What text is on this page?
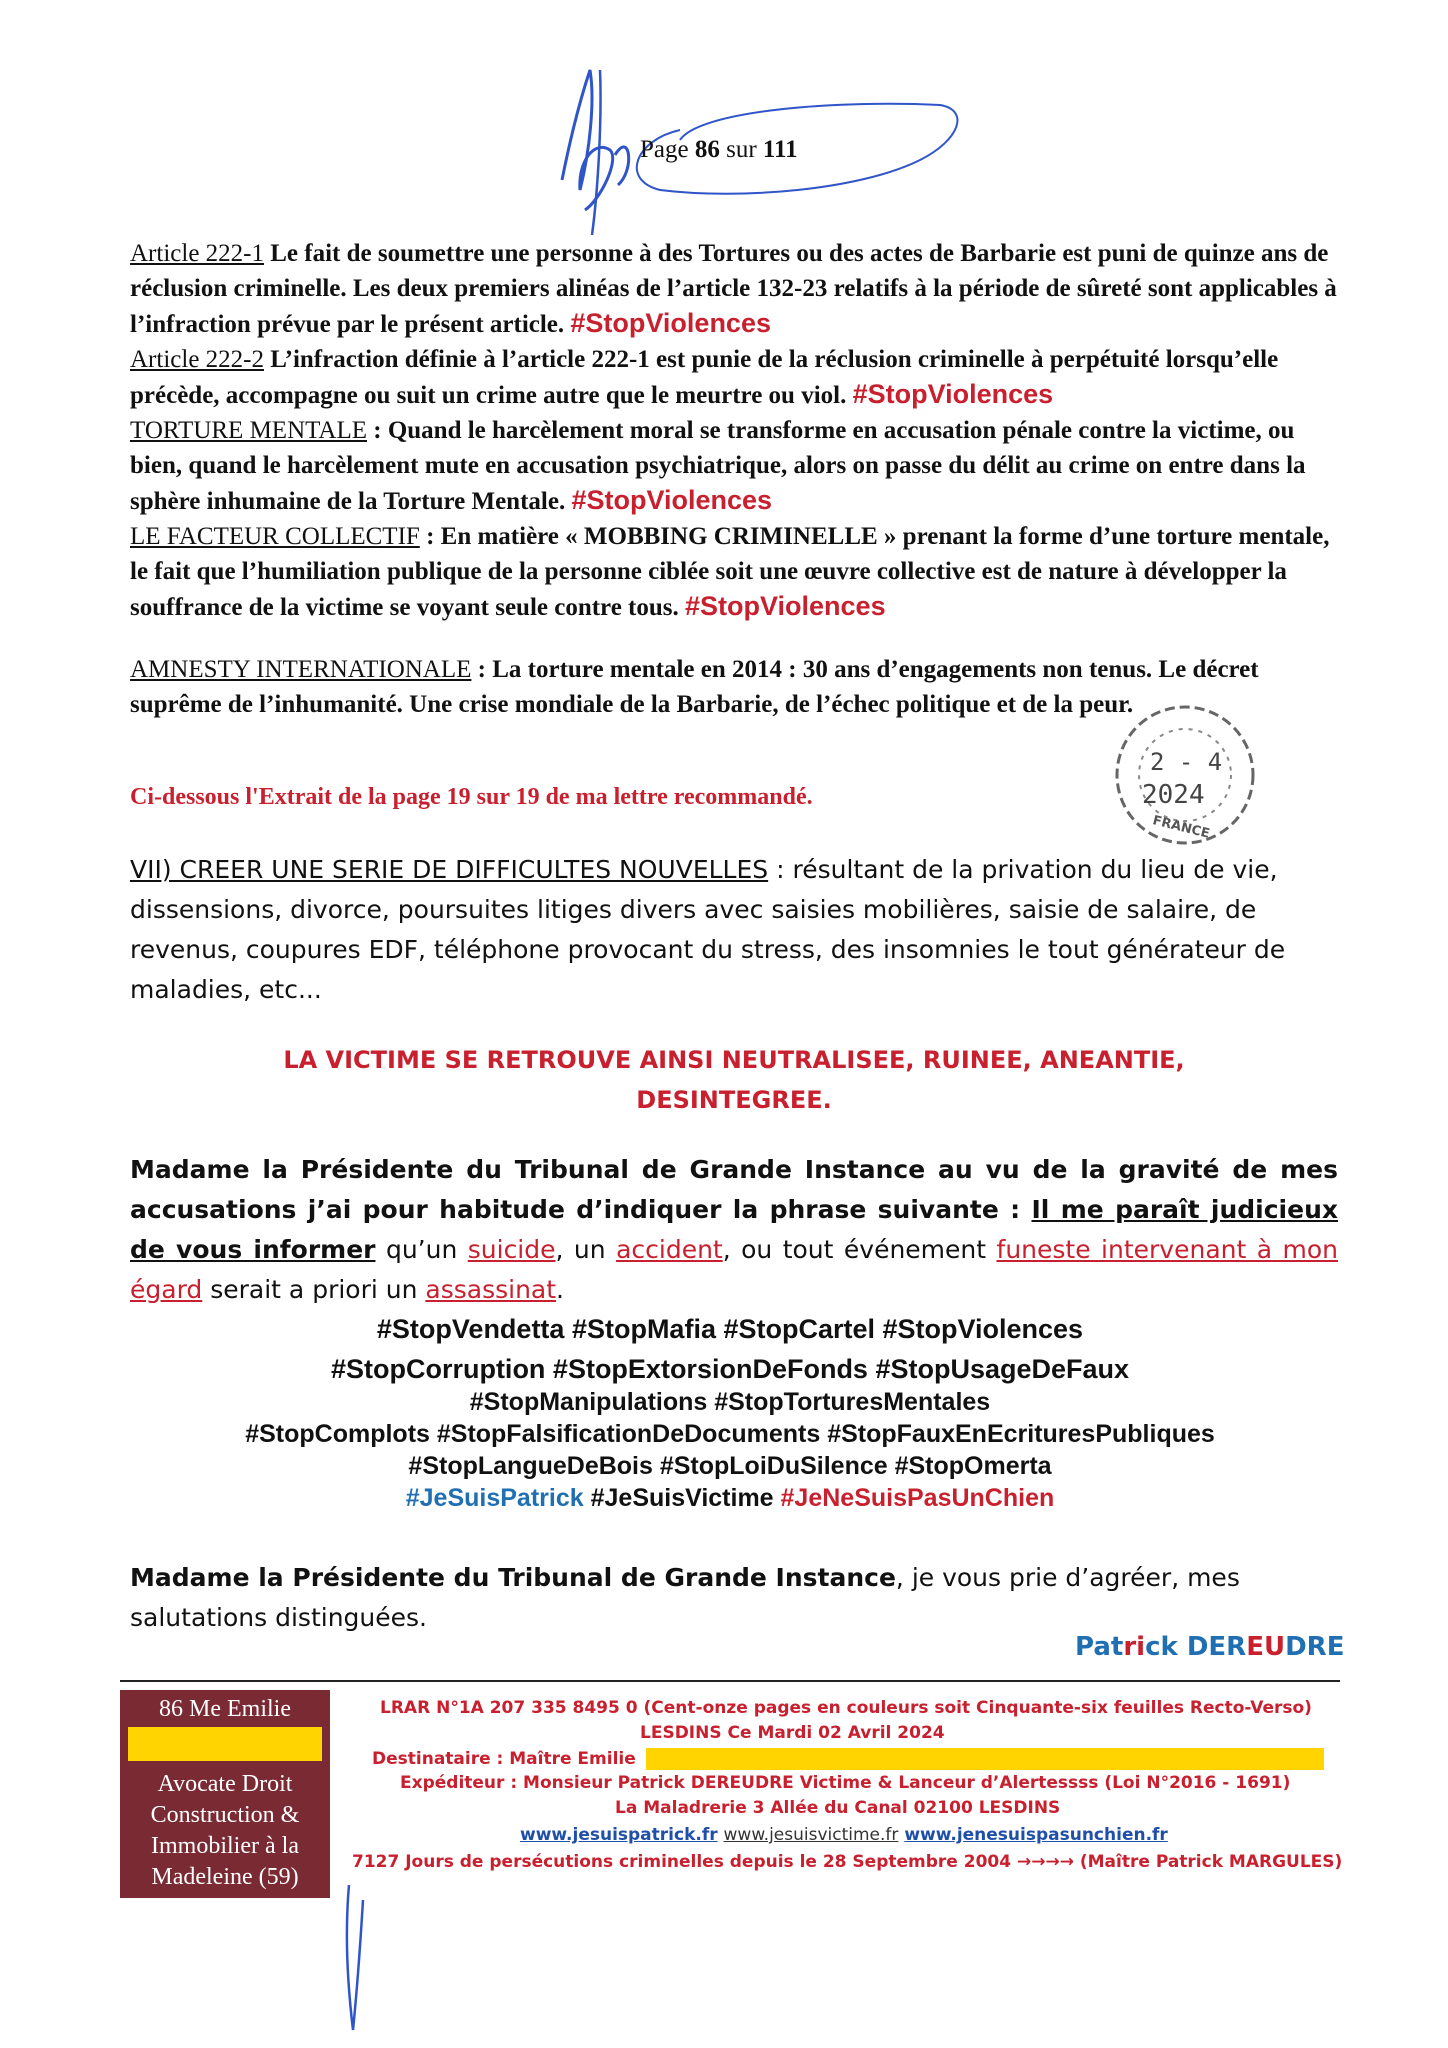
Page 86 sur 111
Article 222-1 Le fait de soumettre une personne à des Tortures ou des actes de Barbarie est puni de quinze ans de réclusion criminelle. Les deux premiers alinéas de l’article 132-23 relatifs à la période de sûreté sont applicables à l’infraction prévue par le présent article. #StopViolences
Article 222-2 L’infraction définie à l’article 222-1 est punie de la réclusion criminelle à perpétuité lorsqu’elle précède, accompagne ou suit un crime autre que le meurtre ou viol. #StopViolences
TORTURE MENTALE : Quand le harcèlement moral se transforme en accusation pénale contre la victime, ou bien, quand le harcèlement mute en accusation psychiatrique, alors on passe du délit au crime on entre dans la sphère inhumaine de la Torture Mentale. #StopViolences
LE FACTEUR COLLECTIF : En matière « MOBBING CRIMINELLE » prenant la forme d’une torture mentale, le fait que l’humiliation publique de la personne ciblée soit une œuvre collective est de nature à développer la souffrance de la victime se voyant seule contre tous. #StopViolences
AMNESTY INTERNATIONALE : La torture mentale en 2014 : 30 ans d’engagements non tenus. Le décret suprême de l’inhumanité. Une crise mondiale de la Barbarie, de l’échec politique et de la peur.
Ci-dessous l'Extrait de la page 19 sur 19 de ma lettre recommandé.
2 - 4
2024
FRANCE
VII) CREER UNE SERIE DE DIFFICULTES NOUVELLES : résultant de la privation du lieu de vie, dissensions, divorce, poursuites litiges divers avec saisies mobilières, saisie de salaire, de revenus, coupures EDF, téléphone provocant du stress, des insomnies le tout générateur de maladies, etc...
LA VICTIME SE RETROUVE AINSI NEUTRALISEE, RUINEE, ANEANTIE,
DESINTEGREE.
Madame la Présidente du Tribunal de Grande Instance au vu de la gravité de mes accusations j’ai pour habitude d’indiquer la phrase suivante : Il me paraît judicieux de vous informer qu’un suicide, un accident, ou tout événement funeste intervenant à mon égard serait a priori un assassinat.
#StopVendetta #StopMafia #StopCartel #StopViolences
#StopCorruption #StopExtorsionDeFonds #StopUsageDeFaux
#StopManipulations #StopTorturesMentales
#StopComplots #StopFalsificationDeDocuments #StopFauxEnEcrituresPubliques
#StopLangueDeBois #StopLoiDuSilence #StopOmerta
#JeSuisPatrick #JeSuisVictime #JeNeSuisPasUnChien
Madame la Présidente du Tribunal de Grande Instance, je vous prie d’agréer, mes salutations distinguées.
Patrick DEREUDRE
86 Me Emilie
Avocate Droit
Construction &
Immobilier à la
Madeleine (59)
LRAR N°1A 207 335 8495 0 (Cent-onze pages en couleurs soit Cinquante-six feuilles Recto-Verso)
LESDINS Ce Mardi 02 Avril 2024
Destinataire : Maître Emilie
Expéditeur : Monsieur Patrick DEREUDRE Victime & Lanceur d’Alertessss (Loi N°2016 - 1691)
La Maladrerie 3 Allée du Canal 02100 LESDINS
www.jesuispatrick.fr www.jesuisvictime.fr www.jenesuispasunchien.fr
7127 Jours de persécutions criminelles depuis le 28 Septembre 2004 →→→→ (Maître Patrick MARGULES)
